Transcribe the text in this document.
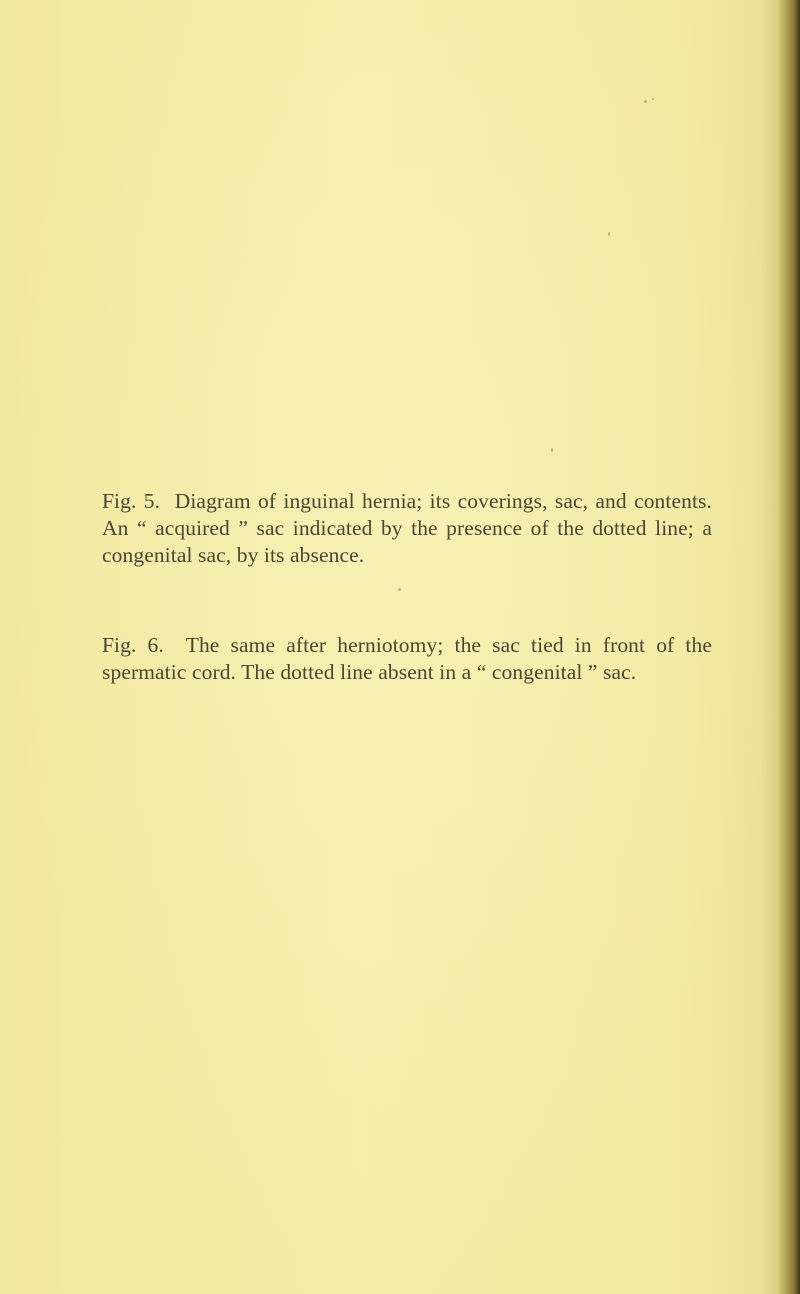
Fig. 5. Diagram of inguinal hernia; its coverings, sac, and contents. An “ acquired ” sac indicated by the presence of the dotted line; a congenital sac, by its absence.
Fig. 6. The same after herniotomy; the sac tied in front of the spermatic cord. The dotted line absent in a “ congenital ” sac.
